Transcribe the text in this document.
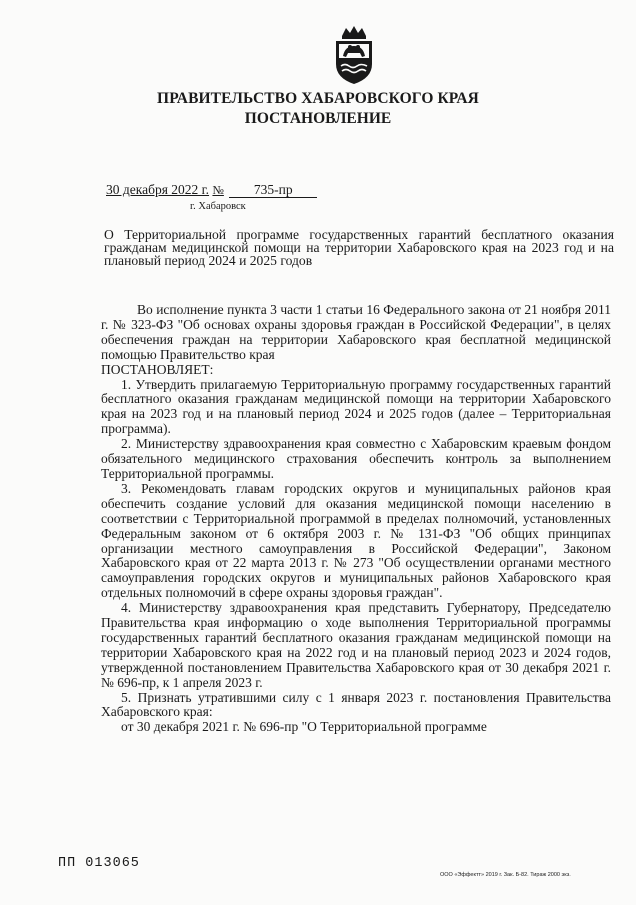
ПРАВИТЕЛЬСТВО ХАБАРОВСКОГО КРАЯ
ПОСТАНОВЛЕНИЕ
30 декабря 2022 г. № 735-пр
г. Хабаровск
О Территориальной программе государственных гарантий бесплатного оказания гражданам медицинской помощи на территории Хабаровского края на 2023 год и на плановый период 2024 и 2025 годов

Во исполнение пункта 3 части 1 статьи 16 Федерального закона от 21 ноября 2011 г. № 323-ФЗ "Об основах охраны здоровья граждан в Российской Федерации", в целях обеспечения граждан на территории Хабаровского края бесплатной медицинской помощью Правительство края

ПОСТАНОВЛЯЕТ:

1. Утвердить прилагаемую Территориальную программу государственных гарантий бесплатного оказания гражданам медицинской помощи на территории Хабаровского края на 2023 год и на плановый период 2024 и 2025 годов (далее – Территориальная программа).

2. Министерству здравоохранения края совместно с Хабаровским краевым фондом обязательного медицинского страхования обеспечить контроль за выполнением Территориальной программы.

3. Рекомендовать главам городских округов и муниципальных районов края обеспечить создание условий для оказания медицинской помощи населению в соответствии с Территориальной программой в пределах полномочий, установленных Федеральным законом от 6 октября 2003 г. № 131-ФЗ "Об общих принципах организации местного самоуправления в Российской Федерации", Законом Хабаровского края от 22 марта 2013 г. № 273 "Об осуществлении органами местного самоуправления городских округов и муниципальных районов Хабаровского края отдельных полномочий в сфере охраны здоровья граждан".

4. Министерству здравоохранения края представить Губернатору, Председателю Правительства края информацию о ходе выполнения Территориальной программы государственных гарантий бесплатного оказания гражданам медицинской помощи на территории Хабаровского края на 2022 год и на плановый период 2023 и 2024 годов, утвержденной постановлением Правительства Хабаровского края от 30 декабря 2021 г. № 696-пр, к 1 апреля 2023 г.

5. Признать утратившими силу с 1 января 2023 г. постановления Правительства Хабаровского края:

от 30 декабря 2021 г. № 696-пр "О Территориальной программе

ПП 013065
ООО «Эффектт» 2019 г. Зак. Б-82. Тираж 2000 экз.
